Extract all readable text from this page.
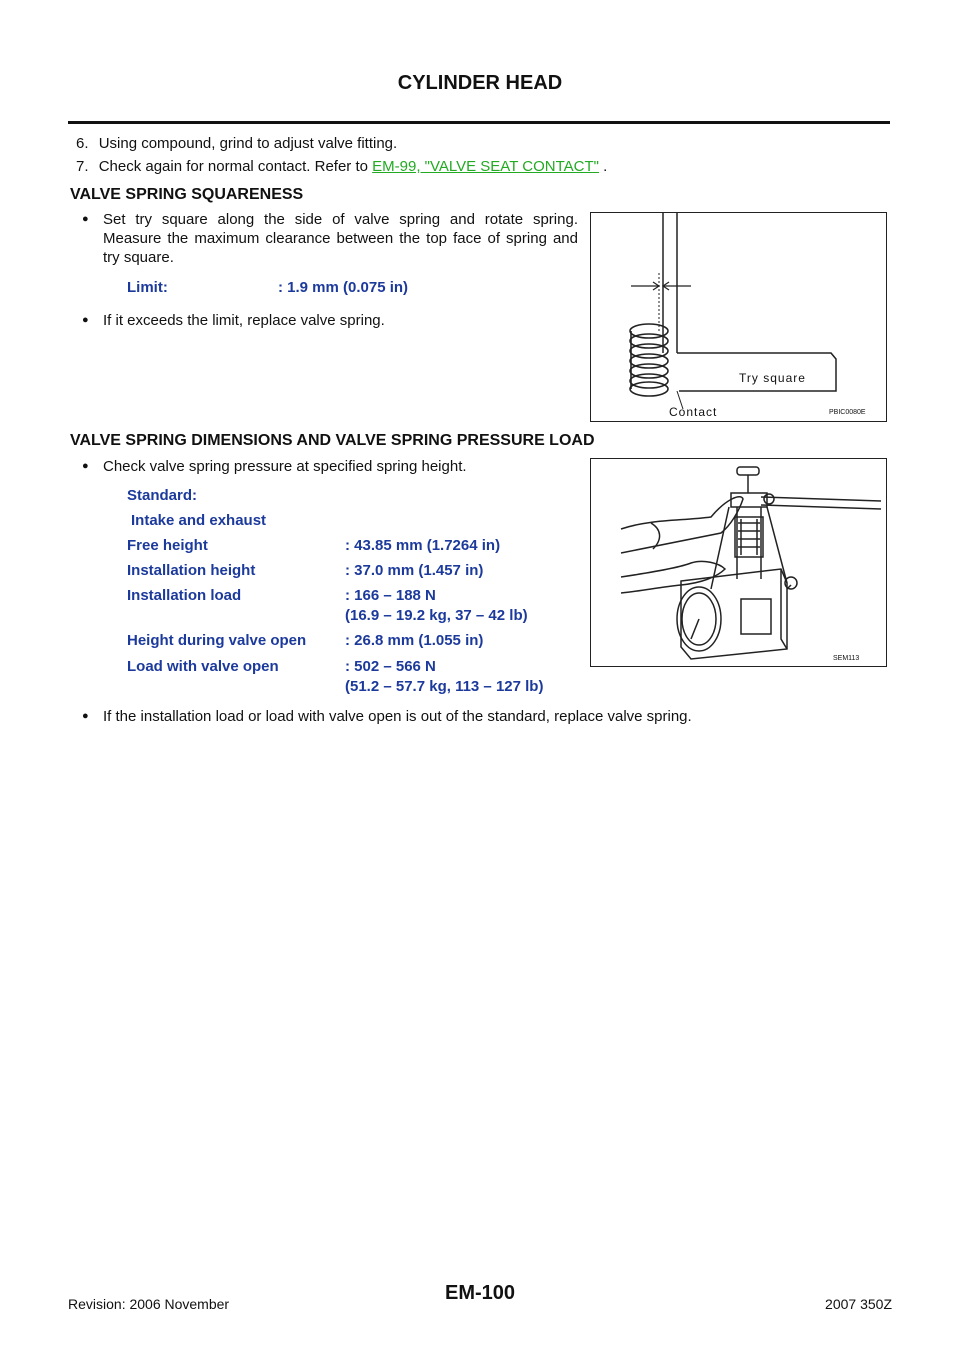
CYLINDER HEAD
6. Using compound, grind to adjust valve fitting.
7. Check again for normal contact. Refer to EM-99, "VALVE SEAT CONTACT" .
VALVE SPRING SQUARENESS
● Set try square along the side of valve spring and rotate spring. Measure the maximum clearance between the top face of spring and try square.
Limit:	: 1.9 mm (0.075 in)
● If it exceeds the limit, replace valve spring.
Try square
Contact	PBIC0080E
VALVE SPRING DIMENSIONS AND VALVE SPRING PRESSURE LOAD
● Check valve spring pressure at specified spring height.
Standard:
Intake and exhaust
Free height	: 43.85 mm (1.7264 in)
Installation height	: 37.0 mm (1.457 in)
Installation load	: 166 – 188 N
(16.9 – 19.2 kg, 37 – 42 lb)
Height during valve open	: 26.8 mm (1.055 in)
Load with valve open	: 502 – 566 N
(51.2 – 57.7 kg, 113 – 127 lb)
● If the installation load or load with valve open is out of the standard, replace valve spring.
SEM113
Revision: 2006 November	EM-100	2007 350Z
